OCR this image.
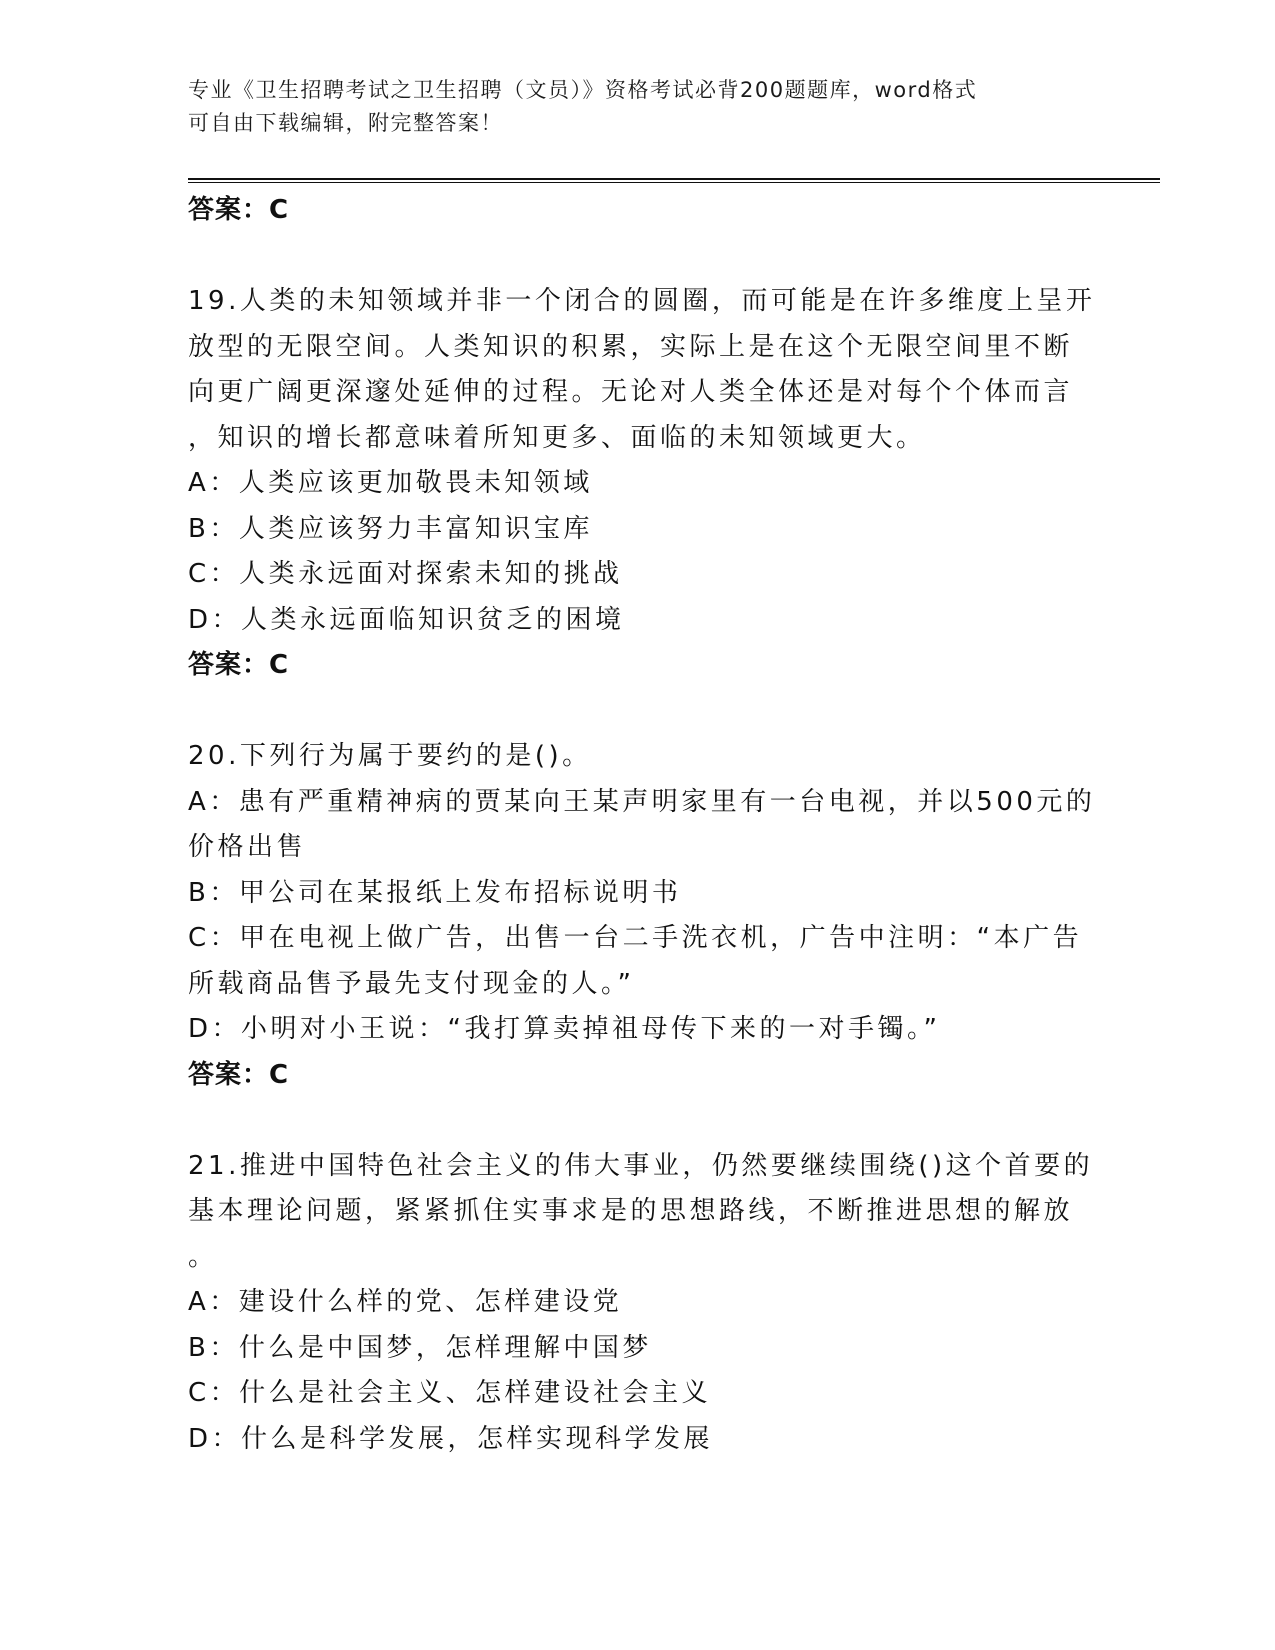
专业《卫生招聘考试之卫生招聘（文员）》资格考试必背200题题库，word格式
可自由下载编辑，附完整答案！
答案：C
19.人类的未知领域并非一个闭合的圆圈，而可能是在许多维度上呈开
放型的无限空间。人类知识的积累，实际上是在这个无限空间里不断
向更广阔更深邃处延伸的过程。无论对人类全体还是对每个个体而言
，知识的增长都意味着所知更多、面临的未知领域更大。
A：人类应该更加敬畏未知领域
B：人类应该努力丰富知识宝库
C：人类永远面对探索未知的挑战
D：人类永远面临知识贫乏的困境
答案：C
20.下列行为属于要约的是()。
A：患有严重精神病的贾某向王某声明家里有一台电视，并以500元的
价格出售
B：甲公司在某报纸上发布招标说明书
C：甲在电视上做广告，出售一台二手洗衣机，广告中注明：“本广告
所载商品售予最先支付现金的人。”
D：小明对小王说：“我打算卖掉祖母传下来的一对手镯。”
答案：C
21.推进中国特色社会主义的伟大事业，仍然要继续围绕()这个首要的
基本理论问题，紧紧抓住实事求是的思想路线，不断推进思想的解放
。
A：建设什么样的党、怎样建设党
B：什么是中国梦，怎样理解中国梦
C：什么是社会主义、怎样建设社会主义
D：什么是科学发展，怎样实现科学发展
